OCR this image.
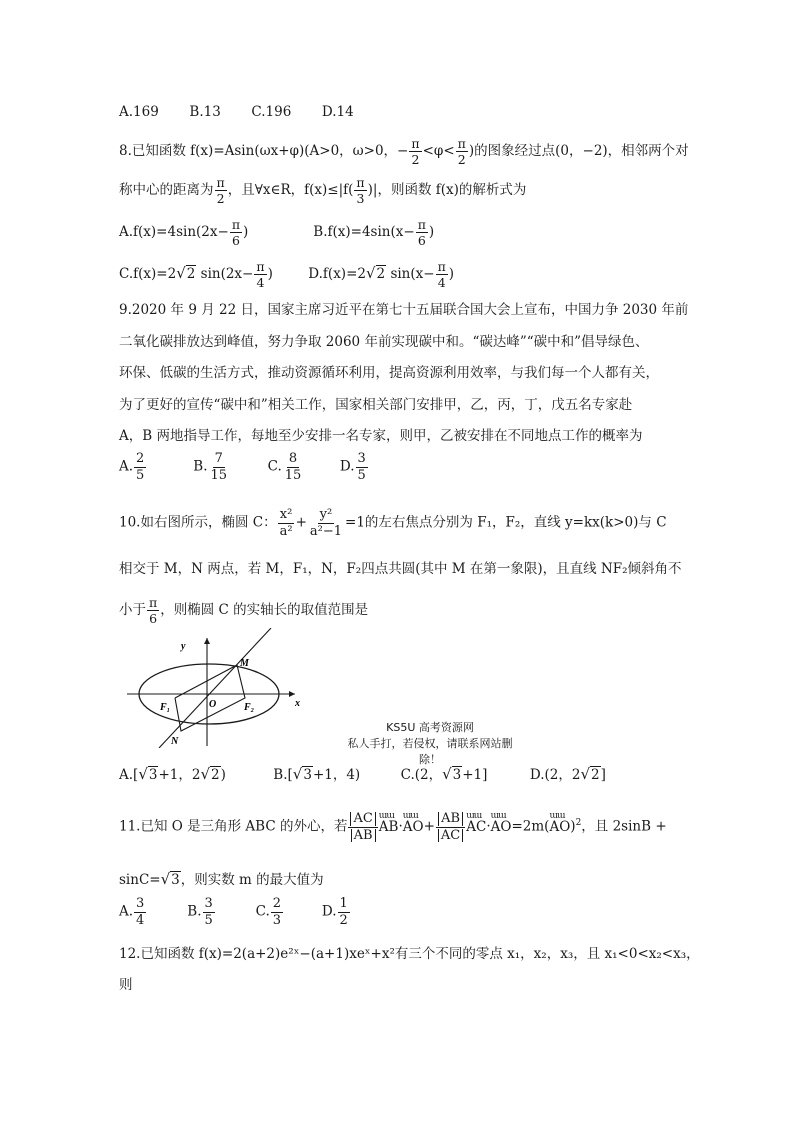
A.169 B.13 C.196 D.14
8.已知函数 f(x)=Asin(ωx+φ)(A>0，ω>0，− $\frac{\pi}{2} <\varphi< \frac{\pi}{2}$ )的图象经过点(0，−2)，相邻两个对
称中心的距离为 $\frac{\pi}{2}$ ，且∀x∈R，$f(x)\le|f( \frac{\pi}{3}$ )|，则函数 f(x)的解析式为
$A.f(x)=4\sin(2x- \frac{\pi}{6}$ )	$B.f(x)=4\sin(x- \frac{\pi}{6}$ )
C.f(x)=2√2 $\sin(2x- \frac{\pi}{4}$ )	D.f(x)=2√2 $\sin(x- \frac{\pi}{4}$ )
9.2020 年 9 月 22 日，国家主席习近平在第七十五届联合国大会上宣布，中国力争 2030 年前
二氧化碳排放达到峰值，努力争取 2060 年前实现碳中和。“碳达峰”“碳中和”倡导绿色、
环保、低碳的生活方式，推动资源循环利用，提高资源利用效率，与我们每一个人都有关，
为了更好的宣传“碳中和”相关工作，国家相关部门安排甲，乙，丙，丁，戊五名专家赴
A，B 两地指导工作，每地至少安排一名专家，则甲，乙被安排在不同地点工作的概率为
A. $\frac{2}{5}$	B. $\frac{7}{15}$	C. $\frac{8}{15}$	D. $\frac{3}{5}$
10.如右图所示，椭圆 C： $\frac{\text{x²}}{\text{a²}} + \frac{\text{y²}}{\text{a²−1}} =1$的左右焦点分别为 F₁，F₂，直线 y=kx(k>0)与 C
相交于 M，N 两点，若 M，F₁，N，F₂四点共圆(其中 M 在第一象限)，且直线 NF₂倾斜角不
小于 $\frac{\pi}{6}$ ，则椭圆 C 的实轴长的取值范围是
y
x
M
N
O
F₁	F₂
KS5U 高考资源网
私人手打，若侵权，请联系网站删除！
A.[√3+1，2√2)	B.[√3+1，4)	C.(2，√3+1]	D.(2，2√2]
11.已知 O 是三角形 ABC 的外心，若 $\frac{AC}{AB}$ ɯɯ AB·ɯɯ $AO+ \frac{AB}{AC}$ ɯɯ AC·ɯɯ AO=2m(ɯɯ AO)$^2$，且 2sinB +
sinC=√3，则实数 m 的最大值为
A. $\frac{3}{4}$	B. $\frac{3}{5}$	C. $\frac{2}{3}$	D. $\frac{1}{2}$
12.已知函数 f(x)=2(a+2)e²ˣ−(a+1)xeˣ+x²有三个不同的零点 x₁，x₂，x₃，且 x₁<0<x₂<x₃，
则
